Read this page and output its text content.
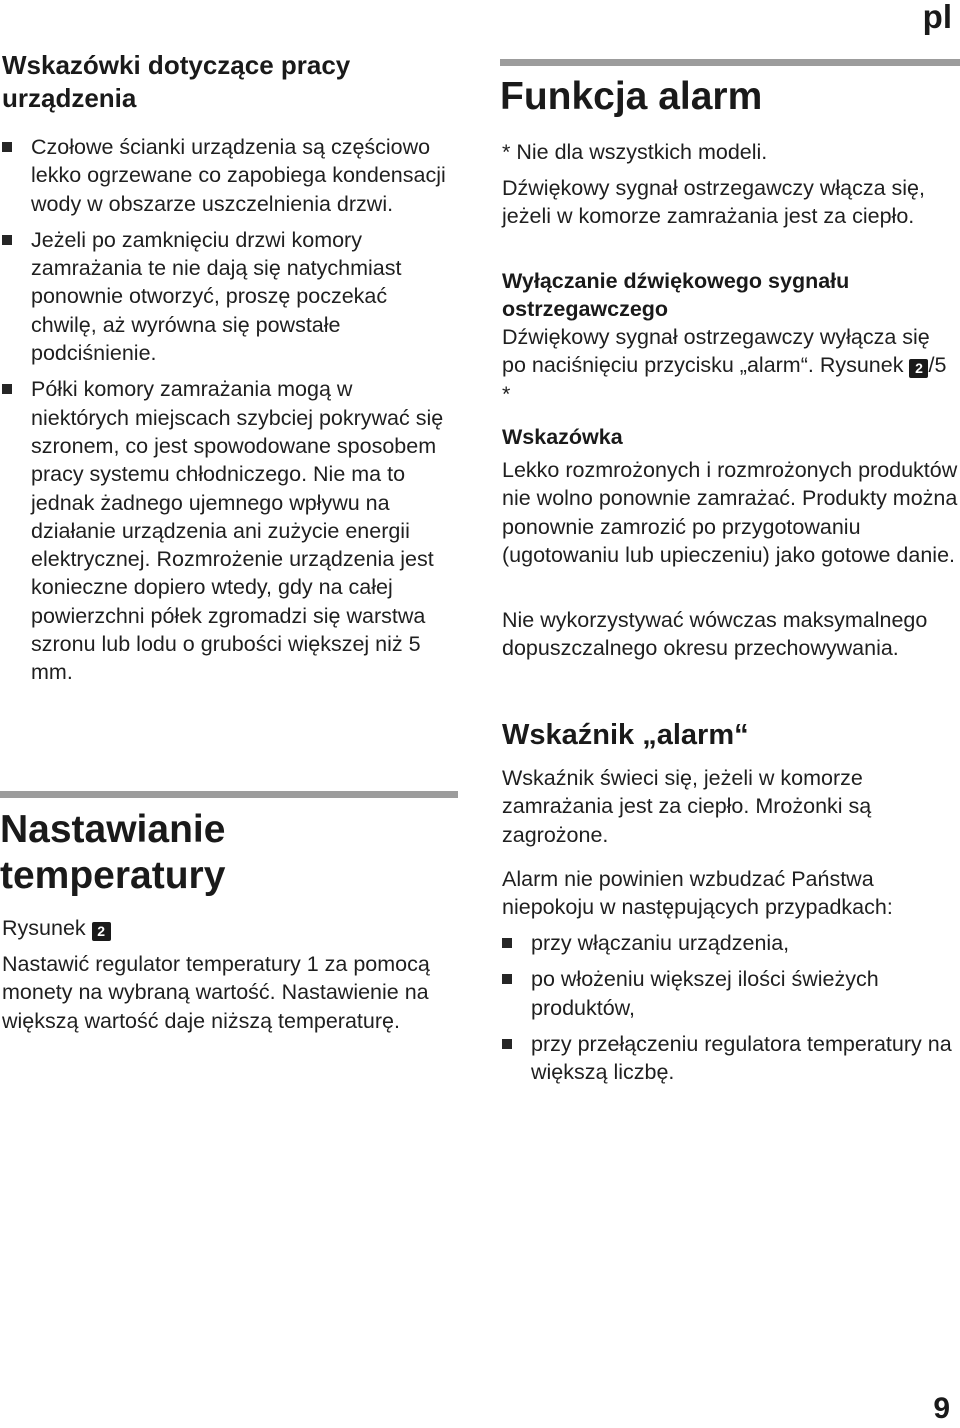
pl

Wskazówki dotyczące pracy urządzenia
Czołowe ścianki urządzenia są częściowo lekko ogrzewane co zapobiega kondensacji wody w obszarze uszczelnienia drzwi.
Jeżeli po zamknięciu drzwi komory zamrażania te nie dają się natychmiast ponownie otworzyć, proszę poczekać chwilę, aż wyrówna się powstałe podciśnienie.
Półki komory zamrażania mogą w niektórych miejscach szybciej pokrywać się szronem, co jest spowodowane sposobem pracy systemu chłodniczego. Nie ma to jednak żadnego ujemnego wpływu na działanie urządzenia ani zużycie energii elektrycznej. Rozmrożenie urządzenia jest konieczne dopiero wtedy, gdy na całej powierzchni półek zgromadzi się warstwa szronu lub lodu o grubości większej niż 5 mm.
Nastawianie temperatury

Rysunek 2

Nastawić regulator temperatury 1 za pomocą monety na wybraną wartość. Nastawienie na większą wartość daje niższą temperaturę.

Funkcja alarm

* Nie dla wszystkich modeli.

Dźwiękowy sygnał ostrzegawczy włącza się, jeżeli w komorze zamrażania jest za ciepło.

Wyłączanie dźwiękowego sygnału ostrzegawczego

Dźwiękowy sygnał ostrzegawczy wyłącza się po naciśnięciu przycisku „alarm“. Rysunek 2 /5 *

Wskazówka

Lekko rozmrożonych i rozmrożonych produktów nie wolno ponownie zamrażać. Produkty można ponownie zamrozić po przygotowaniu (ugotowaniu lub upieczeniu) jako gotowe danie.

Nie wykorzystywać wówczas maksymalnego dopuszczalnego okresu przechowywania.

Wskaźnik „alarm“

Wskaźnik świeci się, jeżeli w komorze zamrażania jest za ciepło. Mrożonki są zagrożone.

Alarm nie powinien wzbudzać Państwa niepokoju w następujących przypadkach:

przy włączaniu urządzenia,
po włożeniu większej ilości świeżych produktów,
przy przełączeniu regulatora temperatury na większą liczbę.

9
